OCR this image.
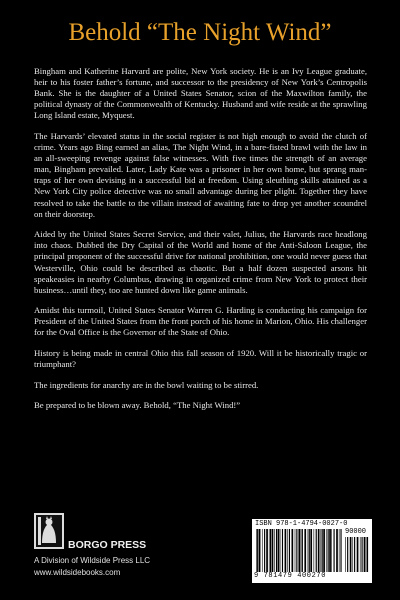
Behold “The Night Wind”

Bingham and Katherine Harvard are polite, New York society. He is an Ivy League graduate, heir to his foster father’s fortune, and successor to the presidency of New York’s Centropolis Bank. She is the daughter of a United States Senator, scion of the Maxwilton family, the political dynasty of the Commonwealth of Kentucky. Husband and wife reside at the sprawling Long Island estate, Myquest.

The Harvards’ elevated status in the social register is not high enough to avoid the clutch of crime. Years ago Bing earned an alias, The Night Wind, in a bare-fisted brawl with the law in an all-sweeping revenge against false witnesses. With five times the strength of an average man, Bingham prevailed. Later, Lady Kate was a prisoner in her own home, but sprang man-traps of her own devising in a successful bid at freedom. Using sleuthing skills attained as a New York City police detective was no small advantage during her plight. Together they have resolved to take the battle to the villain instead of awaiting fate to drop yet another scoundrel on their doorstep.

Aided by the United States Secret Service, and their valet, Julius, the Harvards race headlong into chaos. Dubbed the Dry Capital of the World and home of the Anti-Saloon League, the principal proponent of the successful drive for national prohibition, one would never guess that Westerville, Ohio could be described as chaotic. But a half dozen suspected arsons hit speakeasies in nearby Columbus, drawing in organized crime from New York to protect their business…until they, too are hunted down like game animals.

Amidst this turmoil, United States Senator Warren G. Harding is conducting his campaign for President of the United States from the front porch of his home in Marion, Ohio. His challenger for the Oval Office is the Governor of the State of Ohio.

History is being made in central Ohio this fall season of 1920. Will it be historically tragic or triumphant?

The ingredients for anarchy are in the bowl waiting to be stirred.

Be prepared to be blown away. Behold, “The Night Wind!”

BORGO PRESS
A Division of Wildside Press LLC
www.wildsidebooks.com
ISBN 978-1-4794-0027-0
90000
9 781479 400270
